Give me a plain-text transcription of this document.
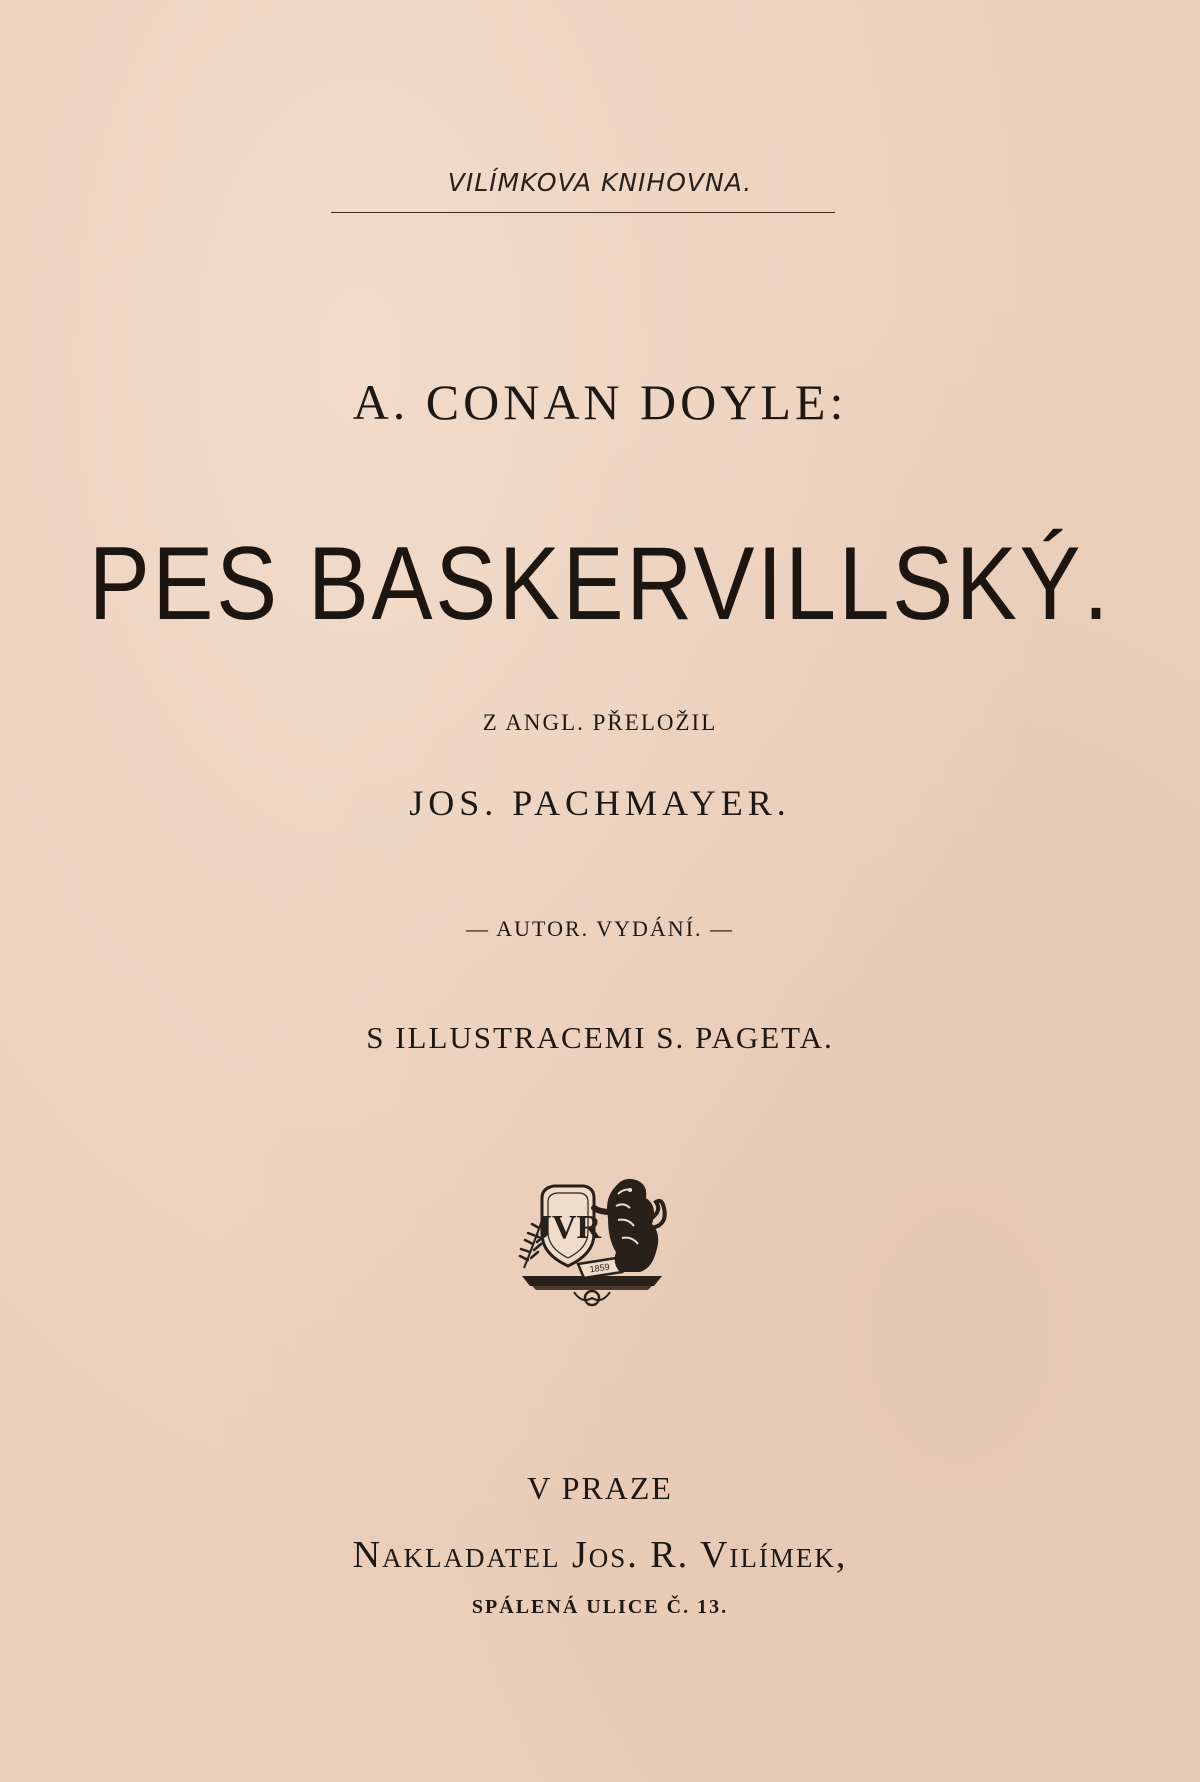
VILÍMKOVA KNIHOVNA.
A. CONAN DOYLE:
PES BASKERVILLSKÝ.
Z ANGL. PŘELOŽIL
JOS. PACHMAYER.
— AUTOR. VYDÁNÍ. —
S ILLUSTRACEMI S. PAGETA.
JVR
1859
V PRAZE
Nakladatel Jos. R. Vilímek,
SPÁLENÁ ULICE Č. 13.
